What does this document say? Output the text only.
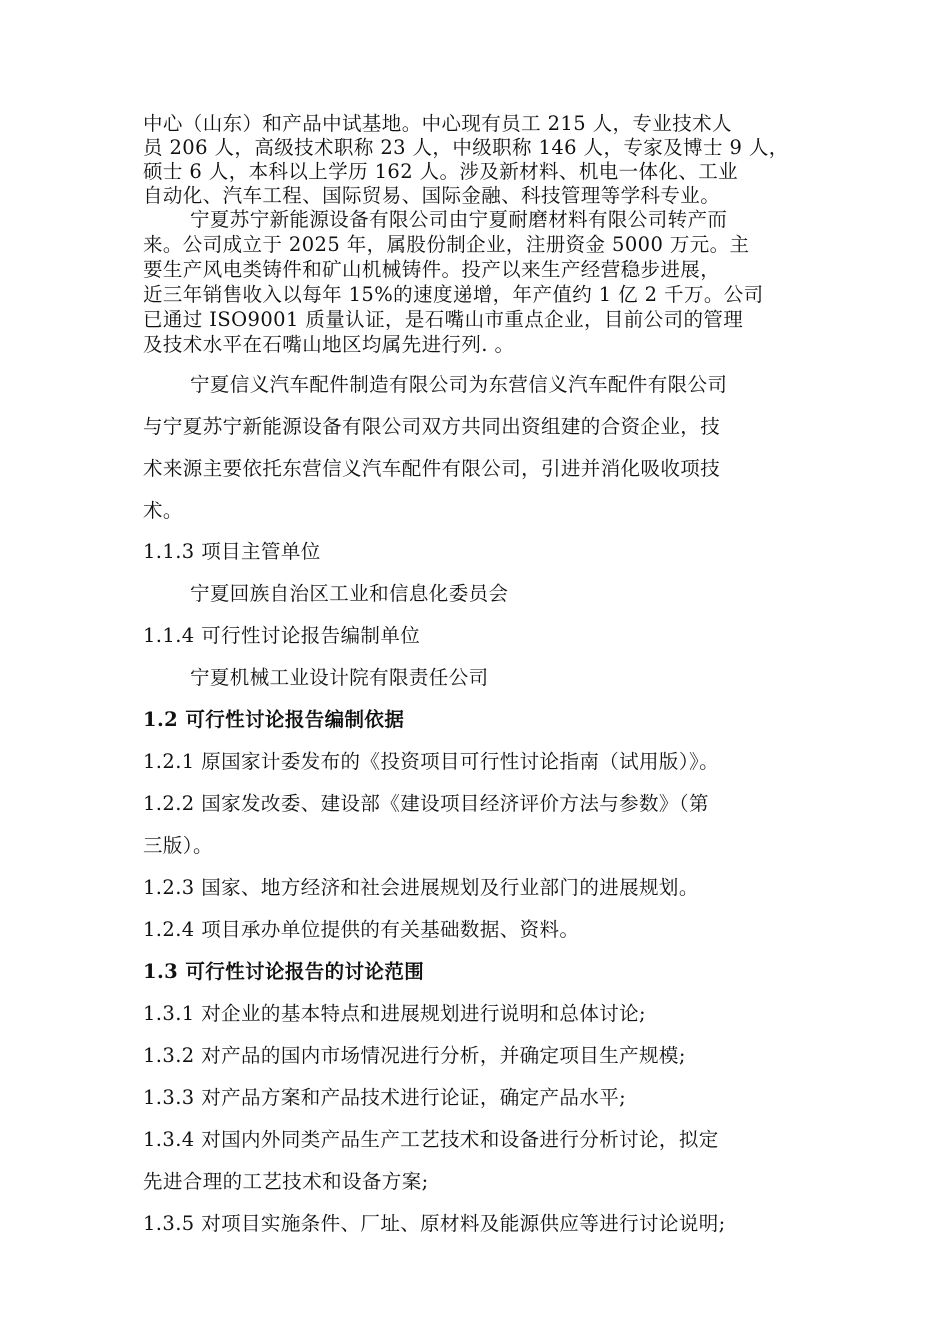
中心（山东）和产品中试基地。中心现有员工 215 人，专业技术人
员 206 人，高级技术职称 23 人，中级职称 146 人，专家及博士 9 人，
硕士 6 人，本科以上学历 162 人。涉及新材料、机电一体化、工业
自动化、汽车工程、国际贸易、国际金融、科技管理等学科专业。
宁夏苏宁新能源设备有限公司由宁夏耐磨材料有限公司转产而
来。公司成立于 2025 年，属股份制企业，注册资金 5000 万元。主
要生产风电类铸件和矿山机械铸件。投产以来生产经营稳步进展，
近三年销售收入以每年 15%的速度递增，年产值约 1 亿 2 千万。公司
已通过 ISO9001 质量认证，是石嘴山市重点企业，目前公司的管理
及技术水平在石嘴山地区均属先进行列. 。
宁夏信义汽车配件制造有限公司为东营信义汽车配件有限公司
与宁夏苏宁新能源设备有限公司双方共同出资组建的合资企业，技
术来源主要依托东营信义汽车配件有限公司，引进并消化吸收项技
术。
1.1.3 项目主管单位
宁夏回族自治区工业和信息化委员会
1.1.4 可行性讨论报告编制单位
宁夏机械工业设计院有限责任公司
1.2 可行性讨论报告编制依据
1.2.1 原国家计委发布的《投资项目可行性讨论指南（试用版）》。
1.2.2 国家发改委、建设部《建设项目经济评价方法与参数》（第
三版）。
1.2.3 国家、地方经济和社会进展规划及行业部门的进展规划。
1.2.4 项目承办单位提供的有关基础数据、资料。
1.3 可行性讨论报告的讨论范围
1.3.1 对企业的基本特点和进展规划进行说明和总体讨论;
1.3.2 对产品的国内市场情况进行分析，并确定项目生产规模;
1.3.3 对产品方案和产品技术进行论证，确定产品水平;
1.3.4 对国内外同类产品生产工艺技术和设备进行分析讨论，拟定
先进合理的工艺技术和设备方案;
1.3.5 对项目实施条件、厂址、原材料及能源供应等进行讨论说明;
